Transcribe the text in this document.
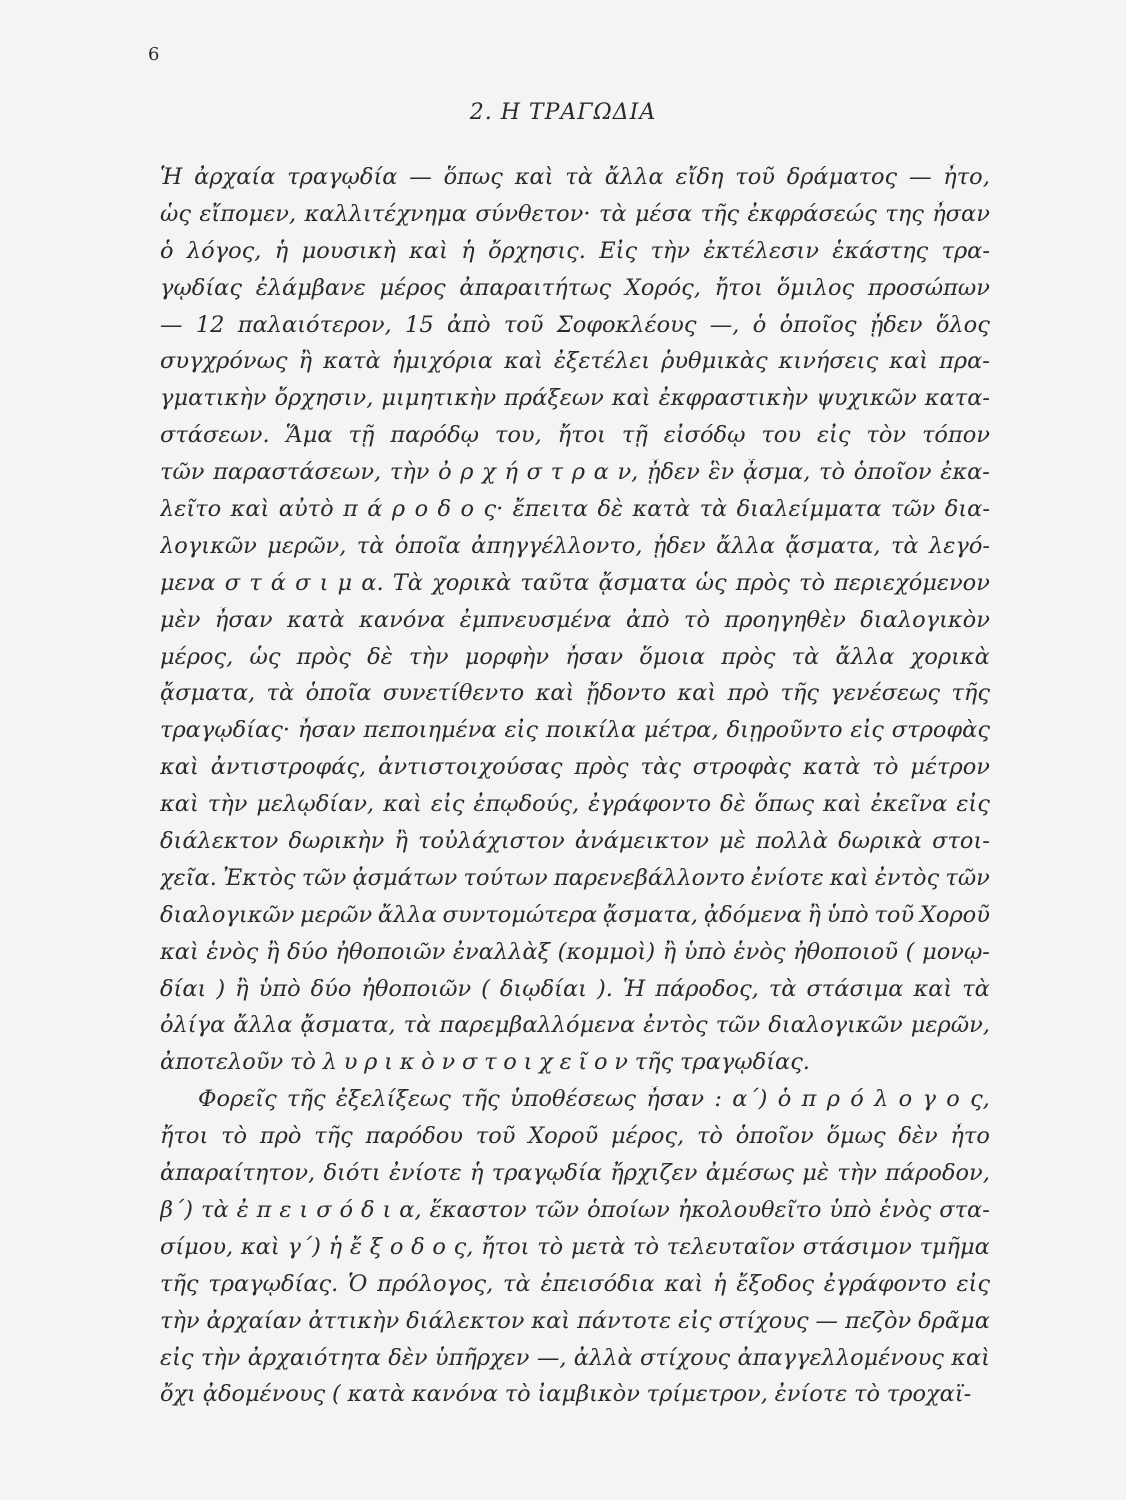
6
2. Η ΤΡΑΓΩΔΙΑ
Ἡ ἀρχαία τραγῳδία — ὅπως καὶ τὰ ἄλλα εἴδη τοῦ δράματος — ἦτο,
ὡς εἴπομεν, καλλιτέχνημα σύνθετον· τὰ μέσα τῆς ἐκφράσεώς της ἦσαν
ὁ λόγος, ἡ μουσικὴ καὶ ἡ ὄρχησις. Εἰς τὴν ἐκτέλεσιν ἑκάστης τρα-
γῳδίας ἐλάμβανε μέρος ἀπαραιτήτως Χορός, ἤτοι ὅμιλος προσώπων
— 12 παλαιότερον, 15 ἀπὸ τοῦ Σοφοκλέους —, ὁ ὁποῖος ᾖδεν ὅλος
συγχρόνως ἢ κατὰ ἡμιχόρια καὶ ἐξετέλει ῥυθμικὰς κινήσεις καὶ πρα-
γματικὴν ὄρχησιν, μιμητικὴν πράξεων καὶ ἐκφραστικὴν ψυχικῶν κατα-
στάσεων. Ἅμα τῇ παρόδῳ του, ἤτοι τῇ εἰσόδῳ του εἰς τὸν τόπον
τῶν παραστάσεων, τὴν ὀ ρ χ ή σ τ ρ α ν, ᾖδεν ἓν ᾆσμα, τὸ ὁποῖον ἐκα-
λεῖτο καὶ αὐτὸ π ά ρ ο δ ο ς· ἔπειτα δὲ κατὰ τὰ διαλείμματα τῶν δια-
λογικῶν μερῶν, τὰ ὁποῖα ἀπηγγέλλοντο, ᾖδεν ἄλλα ᾄσματα, τὰ λεγό-
μενα σ τ ά σ ι μ α. Τὰ χορικὰ ταῦτα ᾄσματα ὡς πρὸς τὸ περιεχόμενον
μὲν ἦσαν κατὰ κανόνα ἐμπνευσμένα ἀπὸ τὸ προηγηθὲν διαλογικὸν
μέρος, ὡς πρὸς δὲ τὴν μορφὴν ἦσαν ὅμοια πρὸς τὰ ἄλλα χορικὰ
ᾄσματα, τὰ ὁποῖα συνετίθεντο καὶ ᾔδοντο καὶ πρὸ τῆς γενέσεως τῆς
τραγῳδίας· ἦσαν πεποιημένα εἰς ποικίλα μέτρα, διῃροῦντο εἰς στροφὰς
καὶ ἀντιστροφάς, ἀντιστοιχούσας πρὸς τὰς στροφὰς κατὰ τὸ μέτρον
καὶ τὴν μελῳδίαν, καὶ εἰς ἐπῳδούς, ἐγράφοντο δὲ ὅπως καὶ ἐκεῖνα εἰς
διάλεκτον δωρικὴν ἢ τοὐλάχιστον ἀνάμεικτον μὲ πολλὰ δωρικὰ στοι-
χεῖα. Ἐκτὸς τῶν ᾀσμάτων τούτων παρενεβάλλοντο ἐνίοτε καὶ ἐντὸς τῶν
διαλογικῶν μερῶν ἄλλα συντομώτερα ᾄσματα, ᾀδόμενα ἢ ὑπὸ τοῦ Χοροῦ
καὶ ἑνὸς ἢ δύο ἠθοποιῶν ἐναλλὰξ (κομμοὶ) ἢ ὑπὸ ἑνὸς ἠθοποιοῦ ( μονῳ-
δίαι ) ἢ ὑπὸ δύο ἠθοποιῶν ( διῳδίαι ). Ἡ πάροδος, τὰ στάσιμα καὶ τὰ
ὀλίγα ἄλλα ᾄσματα, τὰ παρεμβαλλόμενα ἐντὸς τῶν διαλογικῶν μερῶν,
ἀποτελοῦν τὸ λ υ ρ ι κ ὸ ν σ τ ο ι χ ε ῖ ο ν τῆς τραγῳδίας.
Φορεῖς τῆς ἐξελίξεως τῆς ὑποθέσεως ἦσαν : α΄) ὁ π ρ ό λ ο γ ο ς,
ἤτοι τὸ πρὸ τῆς παρόδου τοῦ Χοροῦ μέρος, τὸ ὁποῖον ὅμως δὲν ἦτο
ἀπαραίτητον, διότι ἐνίοτε ἡ τραγῳδία ἤρχιζεν ἀμέσως μὲ τὴν πάροδον,
β΄) τὰ ἐ π ε ι σ ό δ ι α, ἕκαστον τῶν ὁποίων ἠκολουθεῖτο ὑπὸ ἑνὸς στα-
σίμου, καὶ γ΄) ἡ ἔ ξ ο δ ο ς, ἤτοι τὸ μετὰ τὸ τελευταῖον στάσιμον τμῆμα
τῆς τραγῳδίας. Ὁ πρόλογος, τὰ ἐπεισόδια καὶ ἡ ἔξοδος ἐγράφοντο εἰς
τὴν ἀρχαίαν ἀττικὴν διάλεκτον καὶ πάντοτε εἰς στίχους — πεζὸν δρᾶμα
εἰς τὴν ἀρχαιότητα δὲν ὑπῆρχεν —, ἀλλὰ στίχους ἀπαγγελλομένους καὶ
ὄχι ᾀδομένους ( κατὰ κανόνα τὸ ἰαμβικὸν τρίμετρον, ἐνίοτε τὸ τροχαϊ-
